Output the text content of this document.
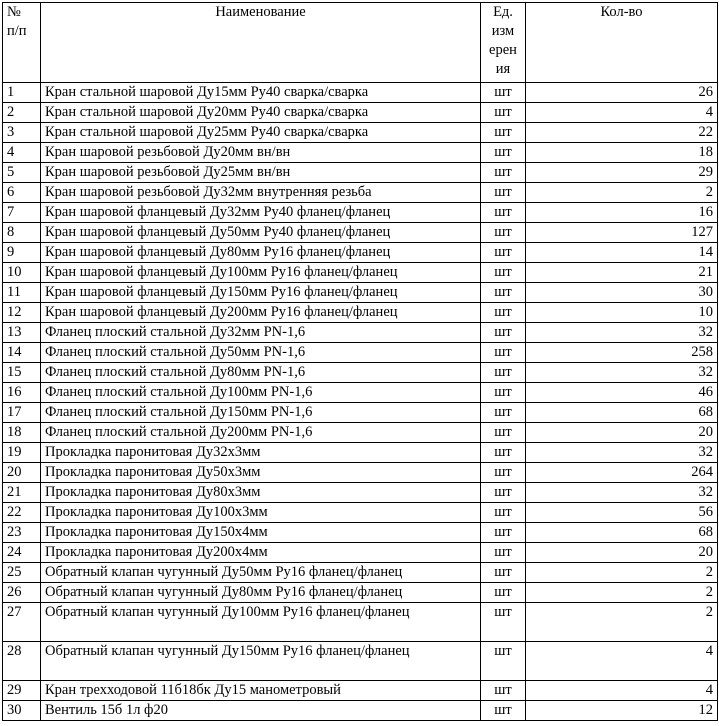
№ п/п	Наименование	Ед. изм ерен ия	Кол-во
1	Кран стальной шаровой Ду15мм Ру40 сварка/сварка	шт	26
2	Кран стальной шаровой Ду20мм Ру40 сварка/сварка	шт	4
3	Кран стальной шаровой Ду25мм Ру40 сварка/сварка	шт	22
4	Кран шаровой резьбовой Ду20мм вн/вн	шт	18
5	Кран шаровой резьбовой Ду25мм вн/вн	шт	29
6	Кран шаровой резьбовой Ду32мм внутренняя резьба	шт	2
7	Кран шаровой фланцевый Ду32мм Ру40 фланец/фланец	шт	16
8	Кран шаровой фланцевый Ду50мм Ру40 фланец/фланец	шт	127
9	Кран шаровой фланцевый Ду80мм Ру16 фланец/фланец	шт	14
10	Кран шаровой фланцевый Ду100мм Ру16 фланец/фланец	шт	21
11	Кран шаровой фланцевый Ду150мм Ру16 фланец/фланец	шт	30
12	Кран шаровой фланцевый Ду200мм Ру16 фланец/фланец	шт	10
13	Фланец плоский стальной Ду32мм PN-1,6	шт	32
14	Фланец плоский стальной Ду50мм PN-1,6	шт	258
15	Фланец плоский стальной Ду80мм PN-1,6	шт	32
16	Фланец плоский стальной Ду100мм PN-1,6	шт	46
17	Фланец плоский стальной Ду150мм PN-1,6	шт	68
18	Фланец плоский стальной Ду200мм PN-1,6	шт	20
19	Прокладка паронитовая Ду32х3мм	шт	32
20	Прокладка паронитовая Ду50х3мм	шт	264
21	Прокладка паронитовая Ду80х3мм	шт	32
22	Прокладка паронитовая Ду100х3мм	шт	56
23	Прокладка паронитовая Ду150х4мм	шт	68
24	Прокладка паронитовая Ду200х4мм	шт	20
25	Обратный клапан чугунный Ду50мм Ру16 фланец/фланец	шт	2
26	Обратный клапан чугунный Ду80мм Ру16 фланец/фланец	шт	2
27	Обратный клапан чугунный Ду100мм Ру16 фланец/фланец	шт	2
28	Обратный клапан чугунный Ду150мм Ру16 фланец/фланец	шт	4
29	Кран трехходовой 11б18бк Ду15 манометровый	шт	4
30	Вентиль 15б 1л ф20	шт	12
